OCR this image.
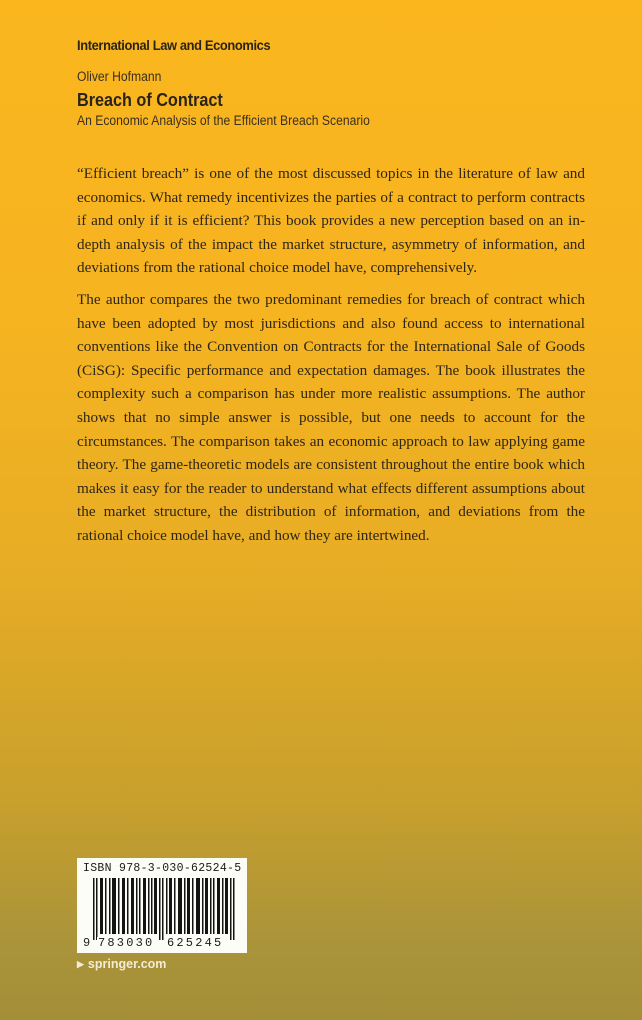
International Law and Economics
Oliver Hofmann
Breach of Contract
An Economic Analysis of the Efficient Breach Scenario

“Efficient breach” is one of the most discussed topics in the literature of law and economics. What remedy incentivizes the parties of a contract to perform contracts if and only if it is efficient? This book provides a new perception based on an in-depth analysis of the impact the market structure, asymmetry of information, and deviations from the rational choice model have, comprehensively.

The author compares the two predominant remedies for breach of contract which have been adopted by most jurisdictions and also found access to international conventions like the Convention on Contracts for the International Sale of Goods (CiSG): Specific performance and expectation damages. The book illustrates the complexity such a comparison has under more realistic assumptions. The author shows that no simple answer is possible, but one needs to account for the circumstances. The comparison takes an economic approach to law applying game theory. The game-theoretic models are consistent throughout the entire book which makes it easy for the reader to understand what effects different assumptions about the market structure, the distribution of information, and deviations from the rational choice model have, and how they are intertwined.

ISBN 978-3-030-62524-5
9 783030 625245
▶ springer.com
